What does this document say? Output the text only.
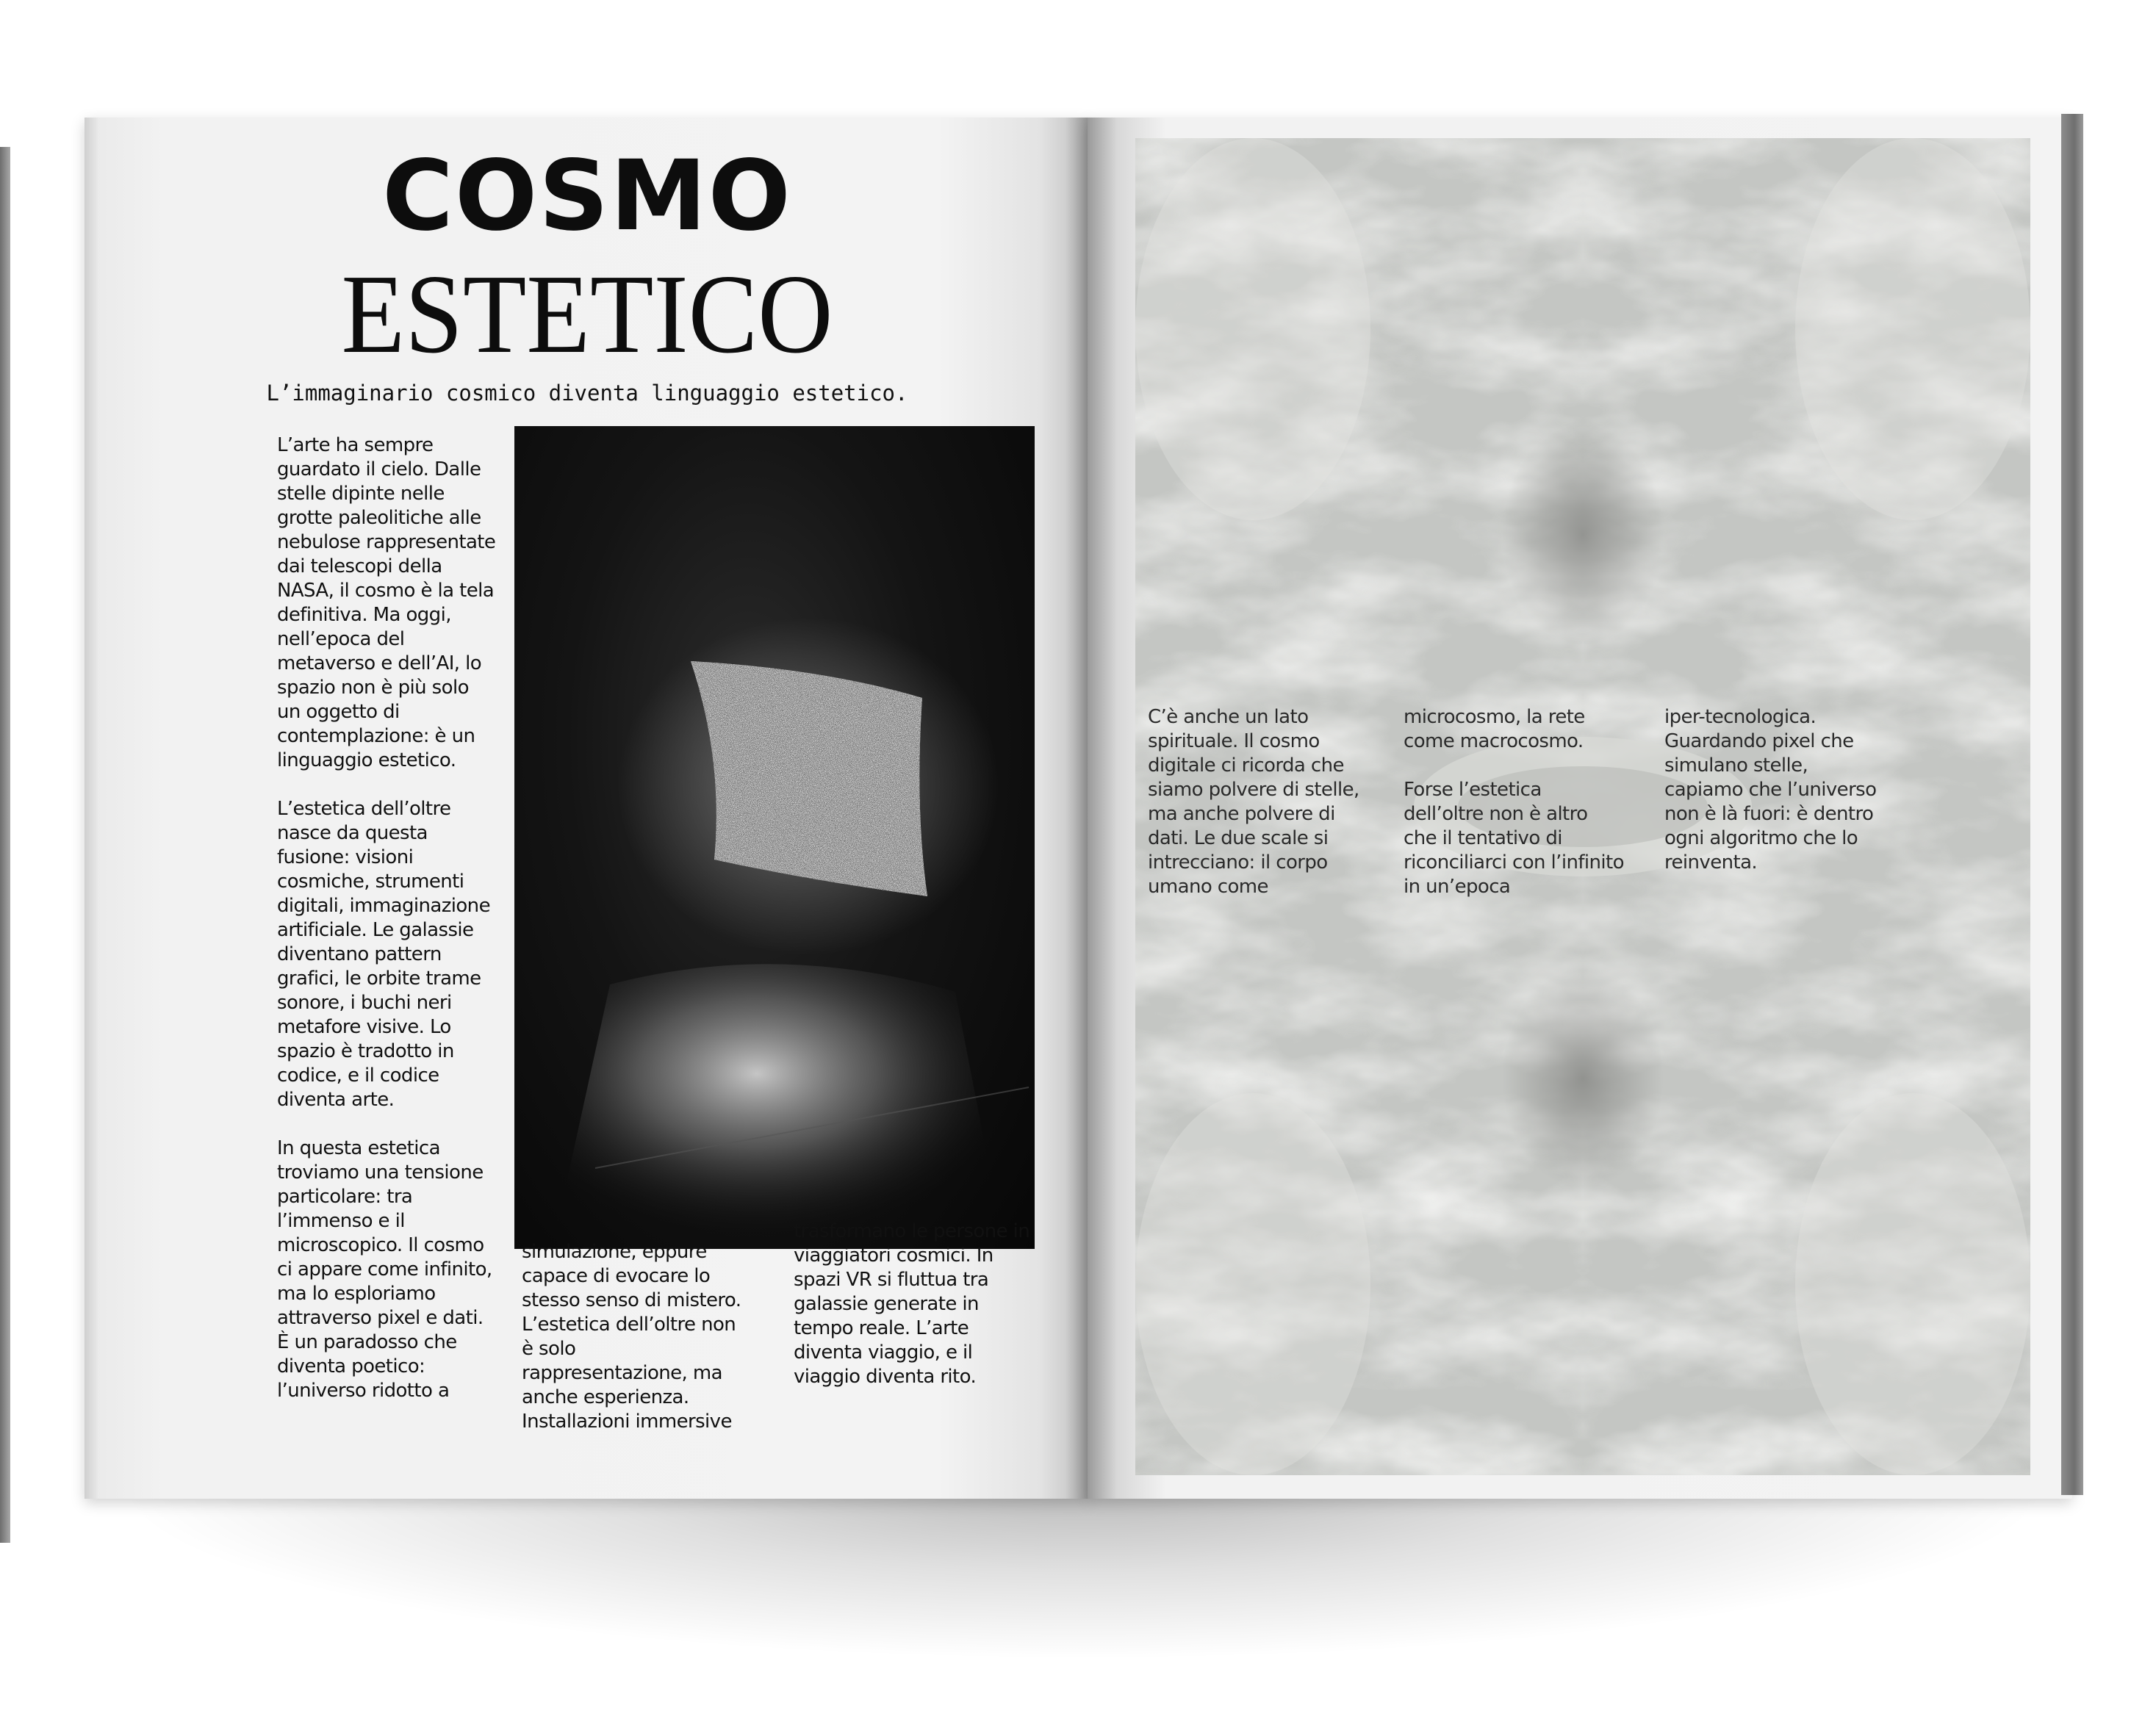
COSMO
ESTETICO
L’immaginario cosmico diventa linguaggio estetico.

L’arte ha sempre guardato il cielo. Dalle stelle dipinte nelle grotte paleolitiche alle nebulose rappresentate dai telescopi della NASA, il cosmo è la tela definitiva. Ma oggi, nell’epoca del metaverso e dell’AI, lo spazio non è più solo un oggetto di contemplazione: è un linguaggio estetico.

L’estetica dell’oltre nasce da questa fusione: visioni cosmiche, strumenti digitali, immaginazione artificiale. Le galassie diventano pattern grafici, le orbite trame sonore, i buchi neri metafore visive. Lo spazio è tradotto in codice, e il codice diventa arte.

In questa estetica troviamo una tensione particolare: tra l’immenso e il microscopico. Il cosmo ci appare come infinito, ma lo esploriamo attraverso pixel e dati. È un paradosso che diventa poetico: l’universo ridotto a

simulazione, eppure capace di evocare lo stesso senso di mistero. L’estetica dell’oltre non è solo rappresentazione, ma anche esperienza. Installazioni immersive

trasformano le persone in viaggiatori cosmici. In spazi VR si fluttua tra galassie generate in tempo reale. L’arte diventa viaggio, e il viaggio diventa rito.

C’è anche un lato spirituale. Il cosmo digitale ci ricorda che siamo polvere di stelle, ma anche polvere di dati. Le due scale si intrecciano: il corpo umano come

microcosmo, la rete come macrocosmo.

Forse l’estetica dell’oltre non è altro che il tentativo di riconciliarci con l’infinito in un’epoca

iper-tecnologica. Guardando pixel che simulano stelle, capiamo che l’universo non è là fuori: è dentro ogni algoritmo che lo reinventa.
